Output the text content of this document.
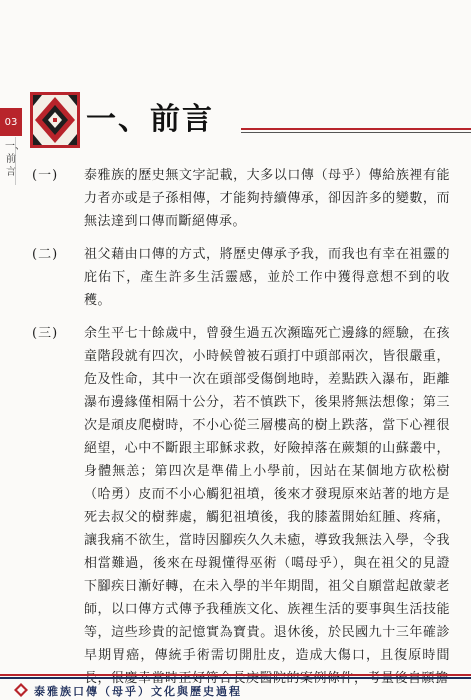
03
一、前言
一、前言
(一) 泰雅族的歷史無文字記載，大多以口傳（母乎）傳給族裡有能力者亦或是子孫相傳，才能夠持續傳承，卻因許多的變數，而無法達到口傳而斷絕傳承。
(二) 祖父藉由口傳的方式，將歷史傳承予我，而我也有幸在祖靈的庇佑下，產生許多生活靈感，並於工作中獲得意想不到的收穫。
(三) 余生平七十餘歲中，曾發生過五次瀕臨死亡邊緣的經驗，在孩童階段就有四次，小時候曾被石頭打中頭部兩次，皆很嚴重，危及性命，其中一次在頭部受傷倒地時，差點跌入瀑布，距離瀑布邊緣僅相隔十公分，若不慎跌下，後果將無法想像；第三次是頑皮爬樹時，不小心從三層樓高的樹上跌落，當下心裡很絕望，心中不斷跟主耶穌求救，好險掉落在蕨類的山蘇叢中，身體無恙；第四次是準備上小學前，因站在某個地方砍松樹（哈勇）皮而不小心觸犯祖墳，後來才發現原來站著的地方是死去叔父的樹葬處，觸犯祖墳後，我的膝蓋開始紅腫、疼痛，讓我痛不欲生，當時因腳疾久久未癒，導致我無法入學，令我相當難過，後來在母親懂得巫術（噶母乎），與在祖父的見證下腳疾日漸好轉，在未入學的半年期間，祖父自願當起啟蒙老師，以口傳方式傳予我種族文化、族裡生活的要事與生活技能等，這些珍貴的記憶實為寶貴。退休後，於民國九十三年確診早期胃癌，傳統手術需切開肚皮，造成大傷口，且復原時間
泰雅族口傳（母乎）文化與歷史過程
